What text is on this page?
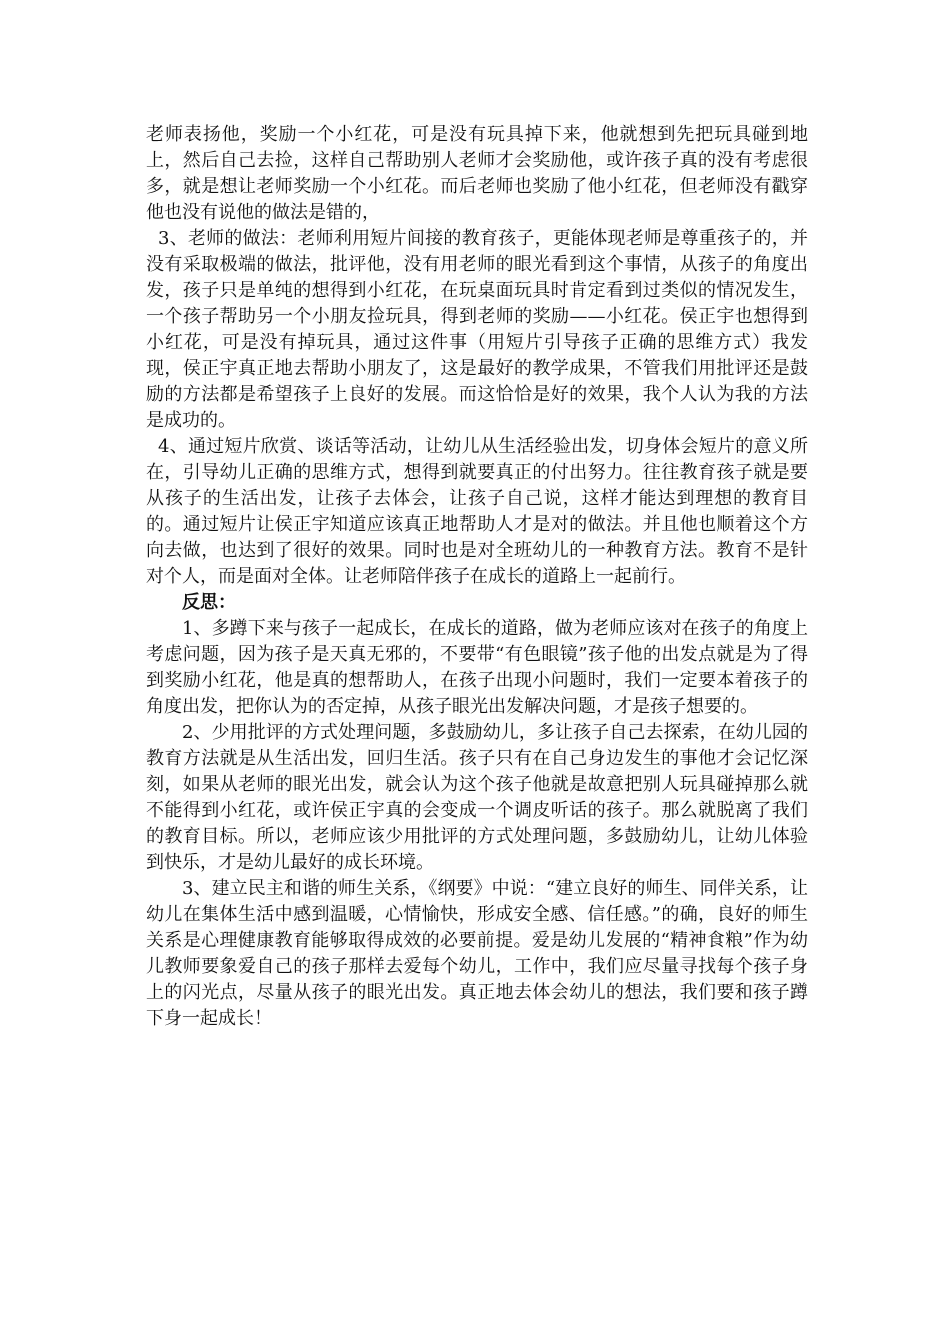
老师表扬他，奖励一个小红花，可是没有玩具掉下来，他就想到先把玩具碰到地上，然后自己去捡，这样自己帮助别人老师才会奖励他，或许孩子真的没有考虑很多，就是想让老师奖励一个小红花。而后老师也奖励了他小红花，但老师没有戳穿他也没有说他的做法是错的，

3、老师的做法：老师利用短片间接的教育孩子，更能体现老师是尊重孩子的，并没有采取极端的做法，批评他，没有用老师的眼光看到这个事情，从孩子的角度出发，孩子只是单纯的想得到小红花，在玩桌面玩具时肯定看到过类似的情况发生，一个孩子帮助另一个小朋友捡玩具，得到老师的奖励——小红花。侯正宇也想得到小红花，可是没有掉玩具，通过这件事（用短片引导孩子正确的思维方式）我发现，侯正宇真正地去帮助小朋友了，这是最好的教学成果，不管我们用批评还是鼓励的方法都是希望孩子上良好的发展。而这恰恰是好的效果，我个人认为我的方法是成功的。

4、通过短片欣赏、谈话等活动，让幼儿从生活经验出发，切身体会短片的意义所在，引导幼儿正确的思维方式，想得到就要真正的付出努力。往往教育孩子就是要从孩子的生活出发，让孩子去体会，让孩子自己说，这样才能达到理想的教育目的。通过短片让侯正宇知道应该真正地帮助人才是对的做法。并且他也顺着这个方向去做，也达到了很好的效果。同时也是对全班幼儿的一种教育方法。教育不是针对个人，而是面对全体。让老师陪伴孩子在成长的道路上一起前行。

反思：

1、多蹲下来与孩子一起成长，在成长的道路，做为老师应该对在孩子的角度上考虑问题，因为孩子是天真无邪的，不要带“有色眼镜”孩子他的出发点就是为了得到奖励小红花，他是真的想帮助人，在孩子出现小问题时，我们一定要本着孩子的角度出发，把你认为的否定掉，从孩子眼光出发解决问题，才是孩子想要的。

2、少用批评的方式处理问题，多鼓励幼儿，多让孩子自己去探索，在幼儿园的教育方法就是从生活出发，回归生活。孩子只有在自己身边发生的事他才会记忆深刻，如果从老师的眼光出发，就会认为这个孩子他就是故意把别人玩具碰掉那么就不能得到小红花，或许侯正宇真的会变成一个调皮听话的孩子。那么就脱离了我们的教育目标。所以，老师应该少用批评的方式处理问题，多鼓励幼儿，让幼儿体验到快乐，才是幼儿最好的成长环境。

3、建立民主和谐的师生关系，《纲要》中说：“建立良好的师生、同伴关系，让幼儿在集体生活中感到温暖，心情愉快，形成安全感、信任感。”的确，良好的师生关系是心理健康教育能够取得成效的必要前提。爱是幼儿发展的“精神食粮”作为幼儿教师要象爱自己的孩子那样去爱每个幼儿，工作中，我们应尽量寻找每个孩子身上的闪光点，尽量从孩子的眼光出发。真正地去体会幼儿的想法，我们要和孩子蹲下身一起成长！
